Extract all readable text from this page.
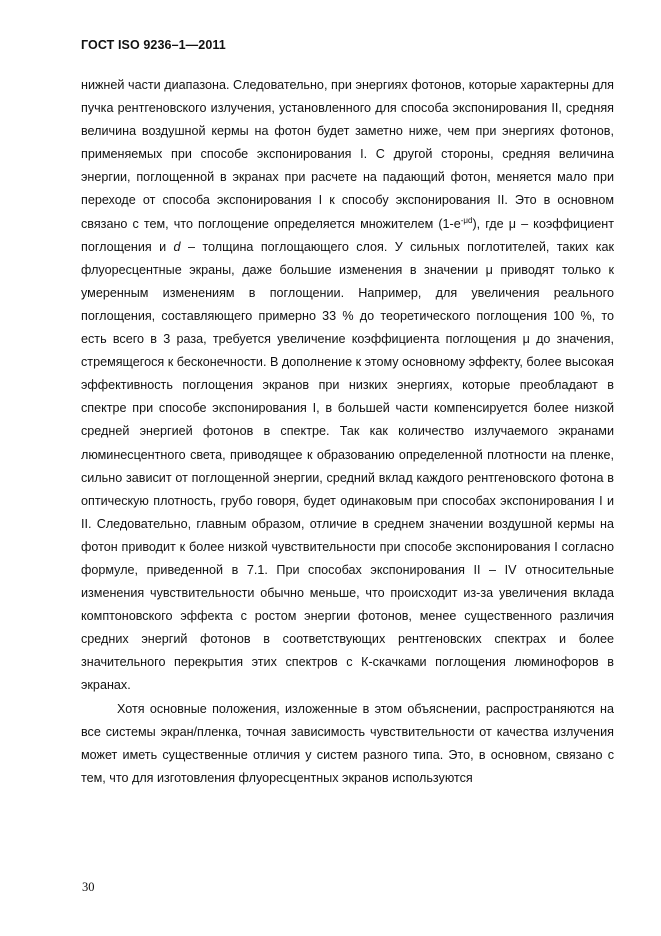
ГОСТ ISO 9236–1—2011

нижней части диапазона. Следовательно, при энергиях фотонов, которые характерны для пучка рентгеновского излучения, установленного для способа экспонирования II, средняя величина воздушной кермы на фотон будет заметно ниже, чем при энергиях фотонов, применяемых при способе экспонирования I. С другой стороны, средняя величина энергии, поглощенной в экранах при расчете на падающий фотон, меняется мало при переходе от способа экспонирования I к способу экспонирования II. Это в основном связано с тем, что поглощение определяется множителем $(1-e^{-\mu d})$, где μ – коэффициент поглощения и d – толщина поглощающего слоя. У сильных поглотителей, таких как флуоресцентные экраны, даже большие изменения в значении μ приводят только к умеренным изменениям в поглощении. Например, для увеличения реального поглощения, составляющего примерно 33 % до теоретического поглощения 100 %, то есть всего в 3 раза, требуется увеличение коэффициента поглощения μ до значения, стремящегося к бесконечности. В дополнение к этому основному эффекту, более высокая эффективность поглощения экранов при низких энергиях, которые преобладают в спектре при способе экспонирования I, в большей части компенсируется более низкой средней энергией фотонов в спектре. Так как количество излучаемого экранами люминесцентного света, приводящее к образованию определенной плотности на пленке, сильно зависит от поглощенной энергии, средний вклад каждого рентгеновского фотона в оптическую плотность, грубо говоря, будет одинаковым при способах экспонирования I и II. Следовательно, главным образом, отличие в среднем значении воздушной кермы на фотон приводит к более низкой чувствительности при способе экспонирования I согласно формуле, приведенной в 7.1. При способах экспонирования II – IV относительные изменения чувствительности обычно меньше, что происходит из-за увеличения вклада комптоновского эффекта с ростом энергии фотонов, менее существенного различия средних энергий фотонов в соответствующих рентгеновских спектрах и более значительного перекрытия этих спектров с К-скачками поглощения люминофоров в экранах.

Хотя основные положения, изложенные в этом объяснении, распространяются на все системы экран/пленка, точная зависимость чувствительности от качества излучения может иметь существенные отличия у систем разного типа. Это, в основном, связано с тем, что для изготовления флуоресцентных экранов используются

30
